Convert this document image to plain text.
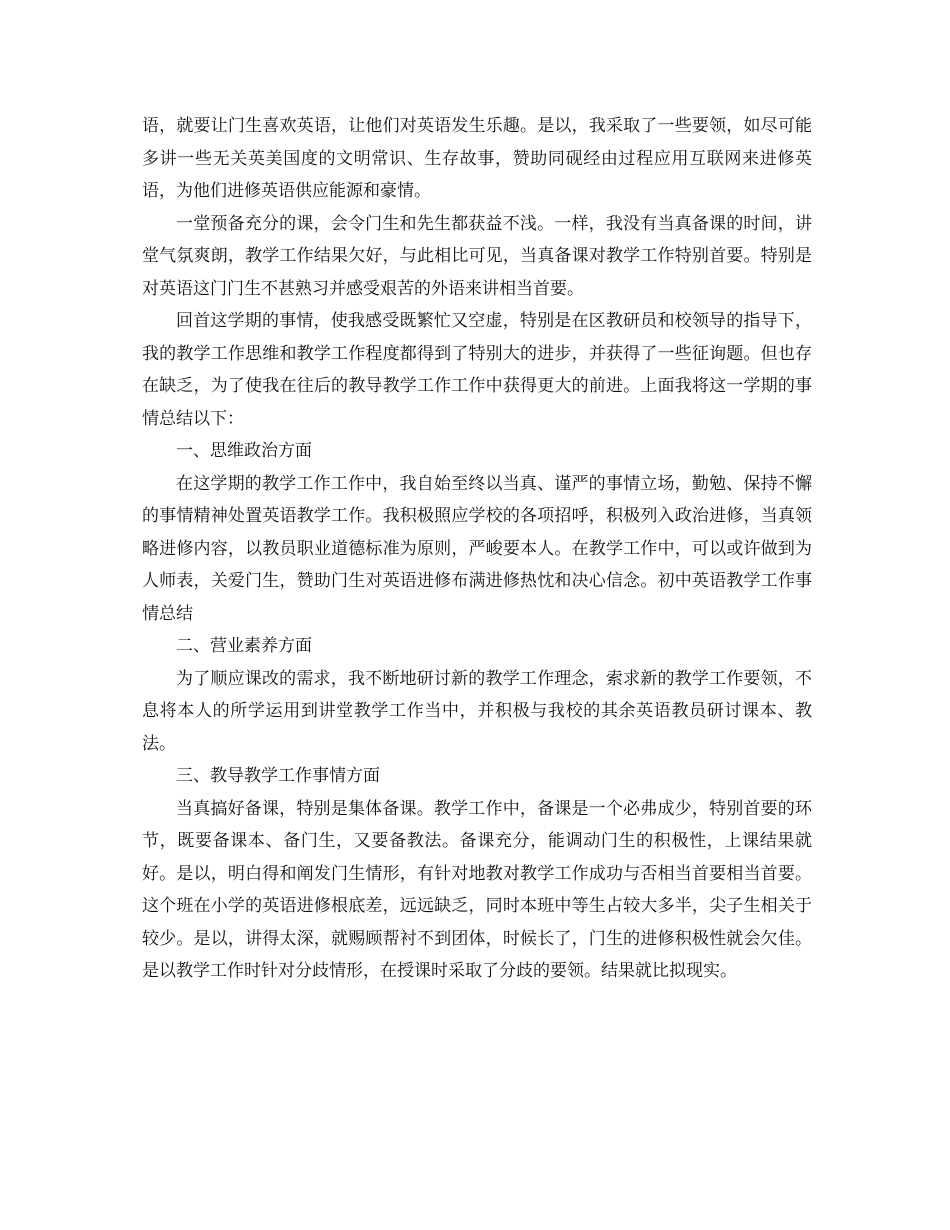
语，就要让门生喜欢英语，让他们对英语发生乐趣。是以，我采取了一些要领，如尽可能多讲一些无关英美国度的文明常识、生存故事，赞助同砚经由过程应用互联网来进修英语，为他们进修英语供应能源和豪情。

一堂预备充分的课，会令门生和先生都获益不浅。一样，我没有当真备课的时间，讲堂气氛爽朗，教学工作结果欠好，与此相比可见，当真备课对教学工作特别首要。特别是对英语这门门生不甚熟习并感受艰苦的外语来讲相当首要。

回首这学期的事情，使我感受既繁忙又空虚，特别是在区教研员和校领导的指导下，我的教学工作思维和教学工作程度都得到了特别大的进步，并获得了一些征询题。但也存在缺乏，为了使我在往后的教导教学工作工作中获得更大的前进。上面我将这一学期的事情总结以下：

一、思维政治方面

在这学期的教学工作工作中，我自始至终以当真、谨严的事情立场，勤勉、保持不懈的事情精神处置英语教学工作。我积极照应学校的各项招呼，积极列入政治进修，当真领略进修内容，以教员职业道德标准为原则，严峻要本人。在教学工作中，可以或许做到为人师表，关爱门生，赞助门生对英语进修布满进修热忱和决心信念。初中英语教学工作事情总结

二、营业素养方面

为了顺应课改的需求，我不断地研讨新的教学工作理念，索求新的教学工作要领，不息将本人的所学运用到讲堂教学工作当中，并积极与我校的其余英语教员研讨课本、教法。

三、教导教学工作事情方面

当真搞好备课，特别是集体备课。教学工作中，备课是一个必弗成少，特别首要的环节，既要备课本、备门生，又要备教法。备课充分，能调动门生的积极性，上课结果就好。是以，明白得和阐发门生情形，有针对地教对教学工作成功与否相当首要相当首要。这个班在小学的英语进修根底差，远远缺乏，同时本班中等生占较大多半，尖子生相关于较少。是以，讲得太深，就赐顾帮衬不到团体，时候长了，门生的进修积极性就会欠佳。是以教学工作时针对分歧情形，在授课时采取了分歧的要领。结果就比拟现实。
